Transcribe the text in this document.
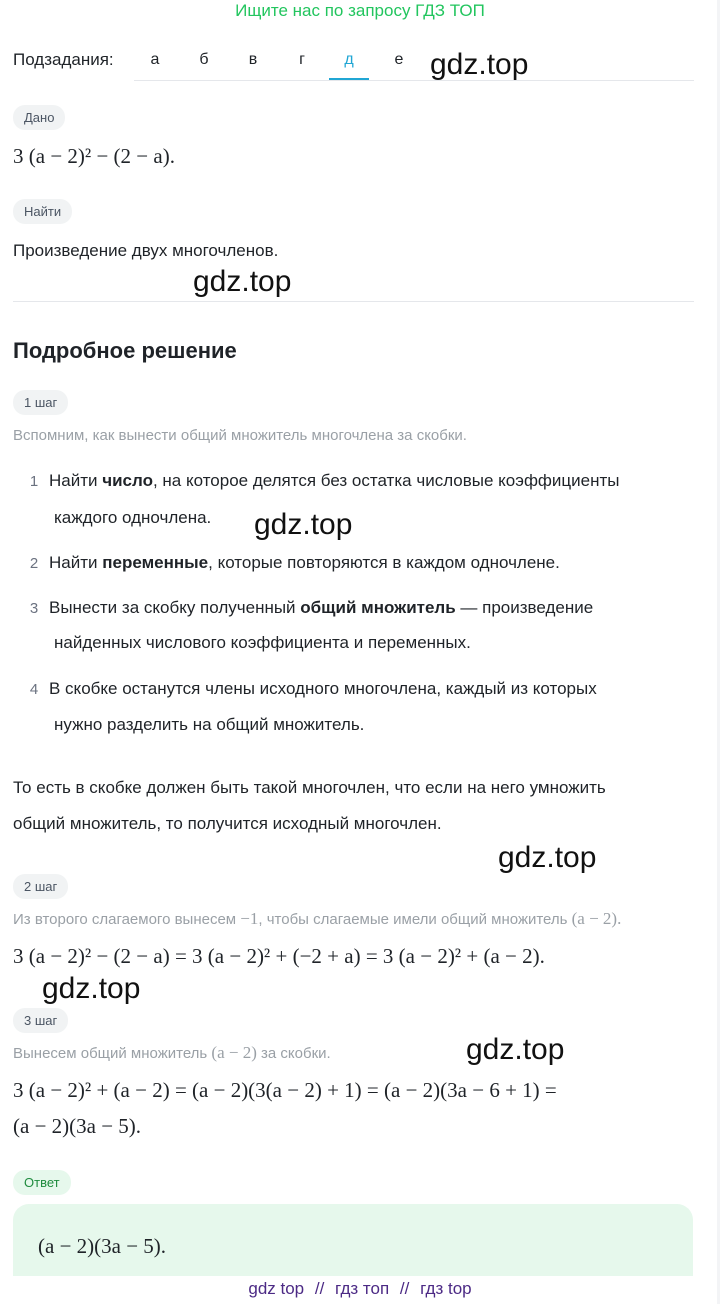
Ищите нас по запросу ГДЗ ТОП
Подзадания:	а	б	в	г	д	е gdz.top
gdz.top
gdz.top
gdz.top
gdz.top
gdz.top
Дано
3 (a − 2)² − (2 − a).
Найти
Произведение двух многочленов.
Подробное решение
1 шаг
Вспомним, как вынести общий множитель многочлена за скобки.
1 Найти число, на которое делятся без остатка числовые коэффициенты
каждого одночлена.
2 Найти переменные, которые повторяются в каждом одночлене.
3 Вынести за скобку полученный общий множитель — произведение
найденных числового коэффициента и переменных.
4 В скобке останутся члены исходного многочлена, каждый из которых
нужно разделить на общий множитель.
То есть в скобке должен быть такой многочлен, что если на него умножить
общий множитель, то получится исходный многочлен.
2 шаг
Из второго слагаемого вынесем −1, чтобы слагаемые имели общий множитель (a − 2).
3 (a − 2)² − (2 − a) = 3 (a − 2)² + (−2 + a) = 3 (a − 2)² + (a − 2).
3 шаг
Вынесем общий множитель (a − 2) за скобки.
3 (a − 2)² + (a − 2) = (a − 2)(3(a − 2) + 1) = (a − 2)(3a − 6 + 1) =
(a − 2)(3a − 5).
Ответ
(a − 2)(3a − 5).
gdz top // гдз топ // гдз top
